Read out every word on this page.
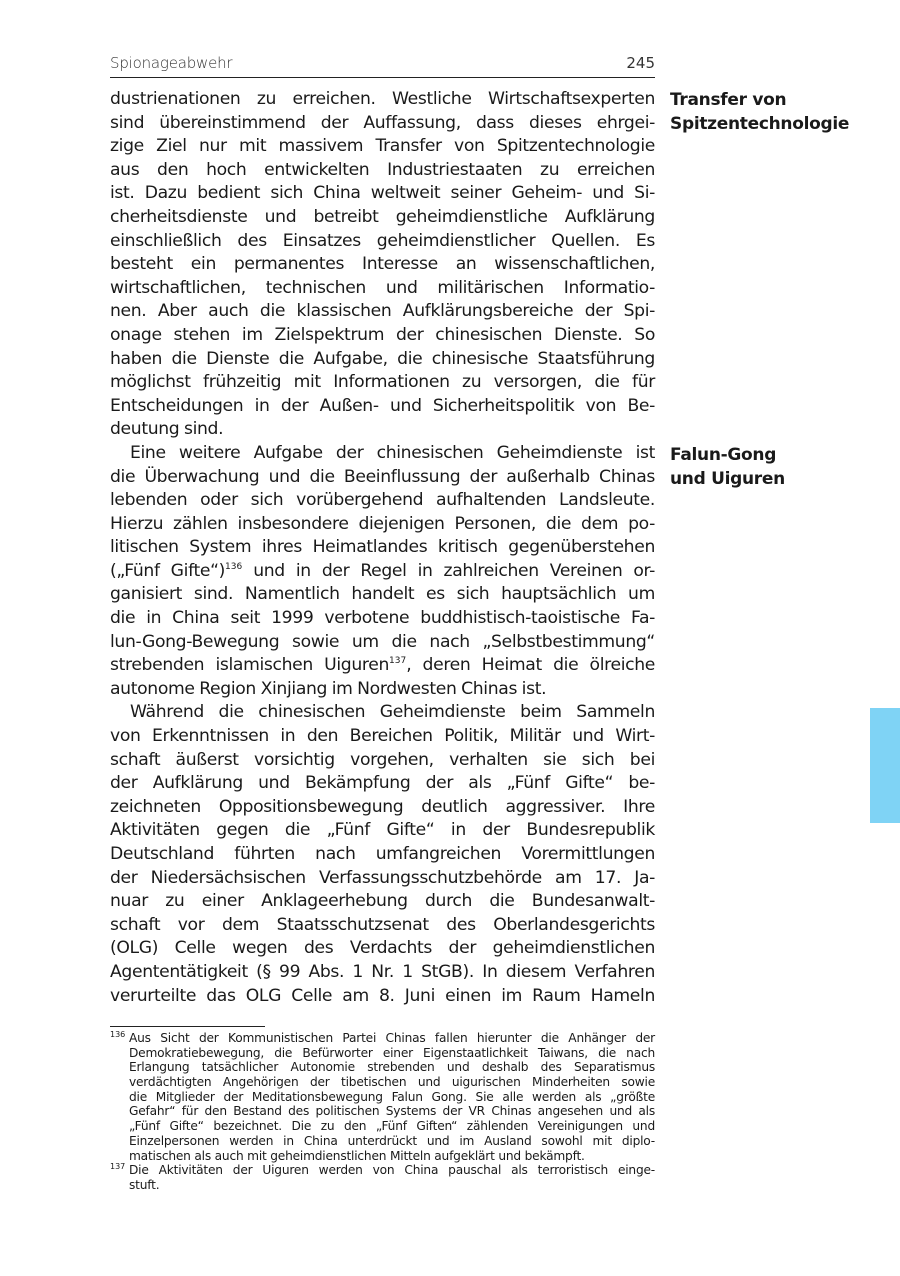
Spionageabwehr	245
Transfer von
Spitzentechnologie
Falun-Gong
und Uiguren
dustrienationen zu erreichen. Westliche Wirtschaftsexperten
sind übereinstimmend der Auffassung, dass dieses ehrgei-
zige Ziel nur mit massivem Transfer von Spitzentechnologie
aus den hoch entwickelten Industriestaaten zu erreichen
ist. Dazu bedient sich China weltweit seiner Geheim- und Si-
cherheitsdienste und betreibt geheimdienstliche Aufklärung
einschließlich des Einsatzes geheimdienstlicher Quellen. Es
besteht ein permanentes Interesse an wissenschaftlichen,
wirtschaftlichen, technischen und militärischen Informatio-
nen. Aber auch die klassischen Aufklärungsbereiche der Spi-
onage stehen im Zielspektrum der chinesischen Dienste. So
haben die Dienste die Aufgabe, die chinesische Staatsführung
möglichst frühzeitig mit Informationen zu versorgen, die für
Entscheidungen in der Außen- und Sicherheitspolitik von Be-
deutung sind.
Eine weitere Aufgabe der chinesischen Geheimdienste ist
die Überwachung und die Beeinflussung der außerhalb Chinas
lebenden oder sich vorübergehend aufhaltenden Landsleute.
Hierzu zählen insbesondere diejenigen Personen, die dem po-
litischen System ihres Heimatlandes kritisch gegenüberstehen
(„Fünf Gifte“)$^{136}$ und in der Regel in zahlreichen Vereinen or-
ganisiert sind. Namentlich handelt es sich hauptsächlich um
die in China seit 1999 verbotene buddhistisch-taoistische Fa-
lun-Gong-Bewegung sowie um die nach „Selbstbestimmung“
strebenden islamischen Uiguren$^{137}$, deren Heimat die ölreiche
autonome Region Xinjiang im Nordwesten Chinas ist.
Während die chinesischen Geheimdienste beim Sammeln
von Erkenntnissen in den Bereichen Politik, Militär und Wirt-
schaft äußerst vorsichtig vorgehen, verhalten sie sich bei
der Aufklärung und Bekämpfung der als „Fünf Gifte“ be-
zeichneten Oppositionsbewegung deutlich aggressiver. Ihre
Aktivitäten gegen die „Fünf Gifte“ in der Bundesrepublik
Deutschland führten nach umfangreichen Vorermittlungen
der Niedersächsischen Verfassungsschutzbehörde am 17. Ja-
nuar zu einer Anklageerhebung durch die Bundesanwalt-
schaft vor dem Staatsschutzsenat des Oberlandesgerichts
(OLG) Celle wegen des Verdachts der geheimdienstlichen
Agententätigkeit (§ 99 Abs. 1 Nr. 1 StGB). In diesem Verfahren
verurteilte das OLG Celle am 8. Juni einen im Raum Hameln
136 Aus Sicht der Kommunistischen Partei Chinas fallen hierunter die Anhänger der
Demokratiebewegung, die Befürworter einer Eigenstaatlichkeit Taiwans, die nach
Erlangung tatsächlicher Autonomie strebenden und deshalb des Separatismus
verdächtigten Angehörigen der tibetischen und uigurischen Minderheiten sowie
die Mitglieder der Meditationsbewegung Falun Gong. Sie alle werden als „größte
Gefahr“ für den Bestand des politischen Systems der VR Chinas angesehen und als
„Fünf Gifte“ bezeichnet. Die zu den „Fünf Giften“ zählenden Vereinigungen und
Einzelpersonen werden in China unterdrückt und im Ausland sowohl mit diplo-
matischen als auch mit geheimdienstlichen Mitteln aufgeklärt und bekämpft.
137 Die Aktivitäten der Uiguren werden von China pauschal als terroristisch einge-
stuft.
